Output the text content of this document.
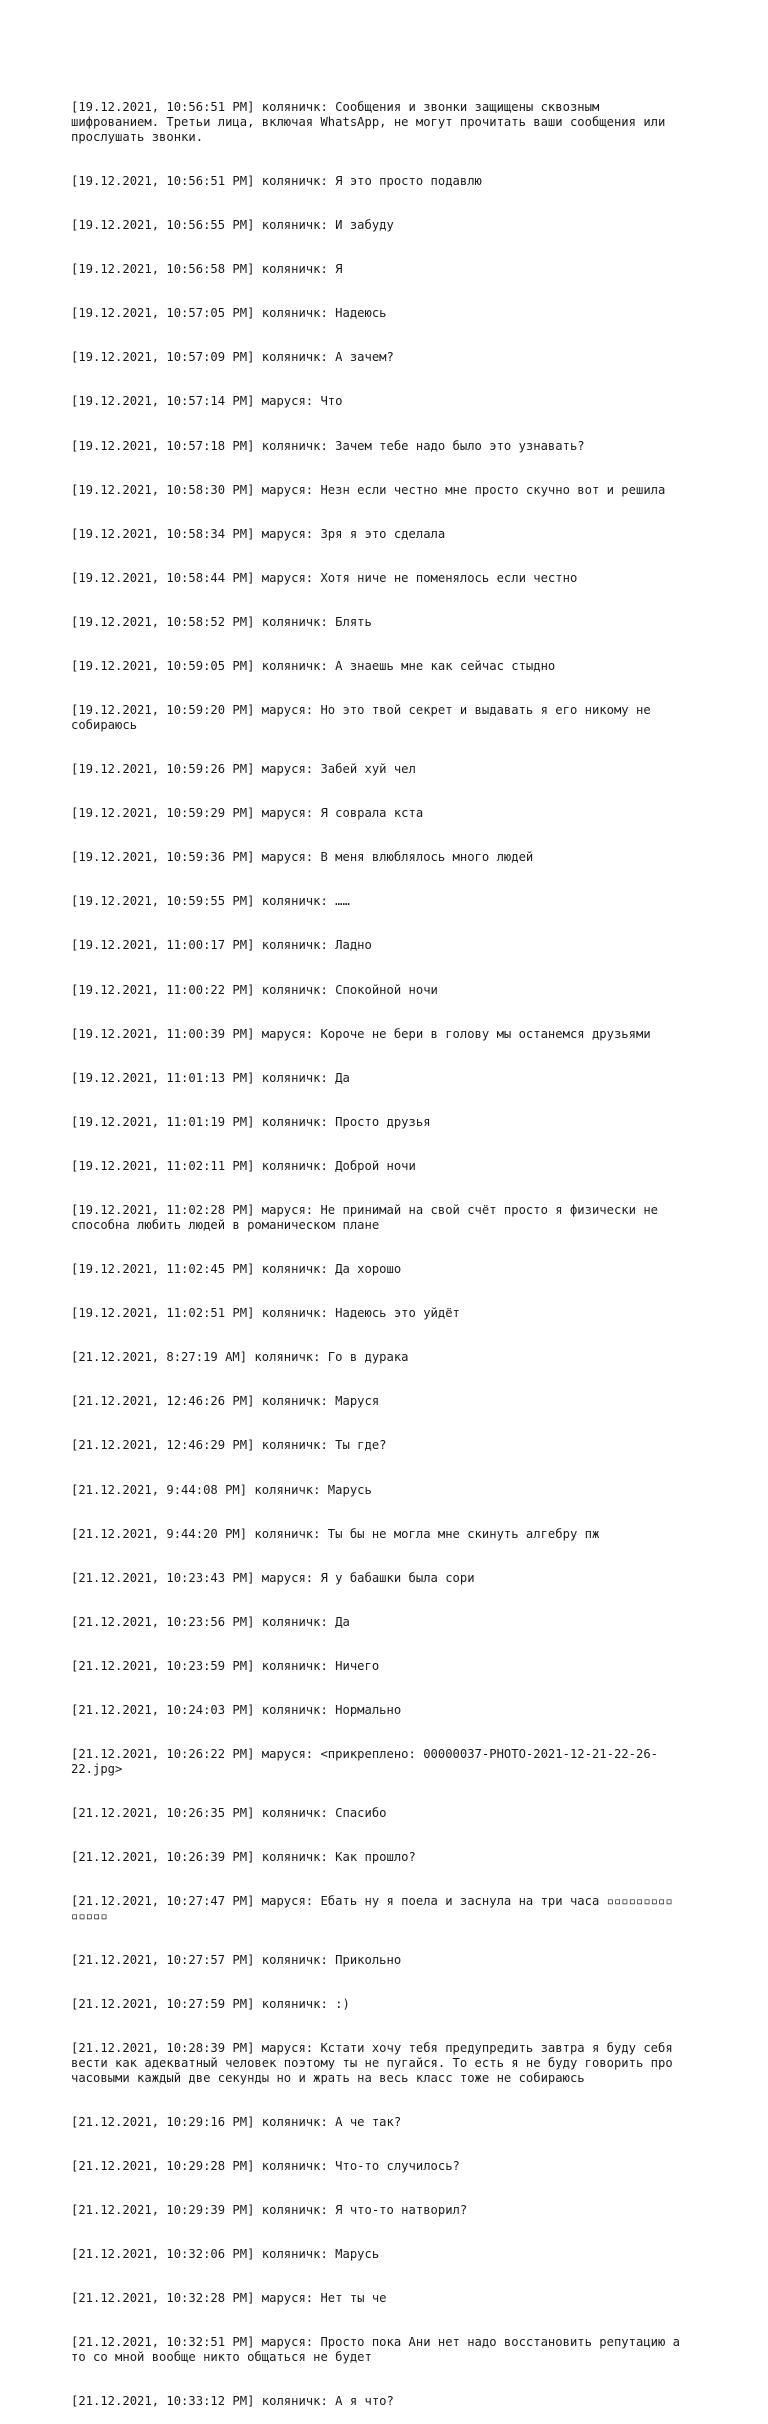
[19.12.2021, 10:56:51 PM] коляничк: Сообщения и звонки защищены сквозным
шифрованием. Третьи лица, включая WhatsApp, не могут прочитать ваши сообщения или
прослушать звонки.

[19.12.2021, 10:56:51 PM] коляничк: Я это просто подавлю

[19.12.2021, 10:56:55 PM] коляничк: И забуду

[19.12.2021, 10:56:58 PM] коляничк: Я

[19.12.2021, 10:57:05 PM] коляничк: Надеюсь

[19.12.2021, 10:57:09 PM] коляничк: А зачем?

[19.12.2021, 10:57:14 PM] маруся: Что

[19.12.2021, 10:57:18 PM] коляничк: Зачем тебе надо было это узнавать?

[19.12.2021, 10:58:30 PM] маруся: Незн если честно мне просто скучно вот и решила

[19.12.2021, 10:58:34 PM] маруся: Зря я это сделала

[19.12.2021, 10:58:44 PM] маруся: Хотя ниче не поменялось если честно

[19.12.2021, 10:58:52 PM] коляничк: Блять

[19.12.2021, 10:59:05 PM] коляничк: А знаешь мне как сейчас стыдно

[19.12.2021, 10:59:20 PM] маруся: Но это твой секрет и выдавать я его никому не
собираюсь

[19.12.2021, 10:59:26 PM] маруся: Забей хуй чел

[19.12.2021, 10:59:29 PM] маруся: Я соврала кста

[19.12.2021, 10:59:36 PM] маруся: В меня влюблялось много людей

[19.12.2021, 10:59:55 PM] коляничк: ……

[19.12.2021, 11:00:17 PM] коляничк: Ладно

[19.12.2021, 11:00:22 PM] коляничк: Спокойной ночи

[19.12.2021, 11:00:39 PM] маруся: Короче не бери в голову мы останемся друзьями

[19.12.2021, 11:01:13 PM] коляничк: Да

[19.12.2021, 11:01:19 PM] коляничк: Просто друзья

[19.12.2021, 11:02:11 PM] коляничк: Доброй ночи

[19.12.2021, 11:02:28 PM] маруся: Не принимай на свой счёт просто я физически не
способна любить людей в романическом плане

[19.12.2021, 11:02:45 PM] коляничк: Да хорошо

[19.12.2021, 11:02:51 PM] коляничк: Надеюсь это уйдёт

[21.12.2021, 8:27:19 AM] коляничк: Го в дурака

[21.12.2021, 12:46:26 PM] коляничк: Маруся

[21.12.2021, 12:46:29 PM] коляничк: Ты где?

[21.12.2021, 9:44:08 PM] коляничк: Марусь

[21.12.2021, 9:44:20 PM] коляничк: Ты бы не могла мне скинуть алгебру пж

[21.12.2021, 10:23:43 PM] маруся: Я у бабашки была сори

[21.12.2021, 10:23:56 PM] коляничк: Да

[21.12.2021, 10:23:59 PM] коляничк: Ничего

[21.12.2021, 10:24:03 PM] коляничк: Нормально

[21.12.2021, 10:26:22 PM] маруся: <прикреплено: 00000037-PHOTO-2021-12-21-22-26-
22.jpg>

[21.12.2021, 10:26:35 PM] коляничк: Спасибо

[21.12.2021, 10:26:39 PM] коляничк: Как прошло?

[21.12.2021, 10:27:47 PM] маруся: Ебать ну я поела и заснула на три часа ▫▫▫▫▫▫▫▫▫
▫▫▫▫▫

[21.12.2021, 10:27:57 PM] коляничк: Прикольно

[21.12.2021, 10:27:59 PM] коляничк: :)

[21.12.2021, 10:28:39 PM] маруся: Кстати хочу тебя предупредить завтра я буду себя
вести как адекватный человек поэтому ты не пугайся. То есть я не буду говорить про
часовыми каждый две секунды но и жрать на весь класс тоже не собираюсь

[21.12.2021, 10:29:16 PM] коляничк: А че так?

[21.12.2021, 10:29:28 PM] коляничк: Что-то случилось?

[21.12.2021, 10:29:39 PM] коляничк: Я что-то натворил?

[21.12.2021, 10:32:06 PM] коляничк: Марусь

[21.12.2021, 10:32:28 PM] маруся: Нет ты че

[21.12.2021, 10:32:51 PM] маруся: Просто пока Ани нет надо восстановить репутацию а
то со мной вообще никто общаться не будет

[21.12.2021, 10:33:12 PM] коляничк: А я что?
